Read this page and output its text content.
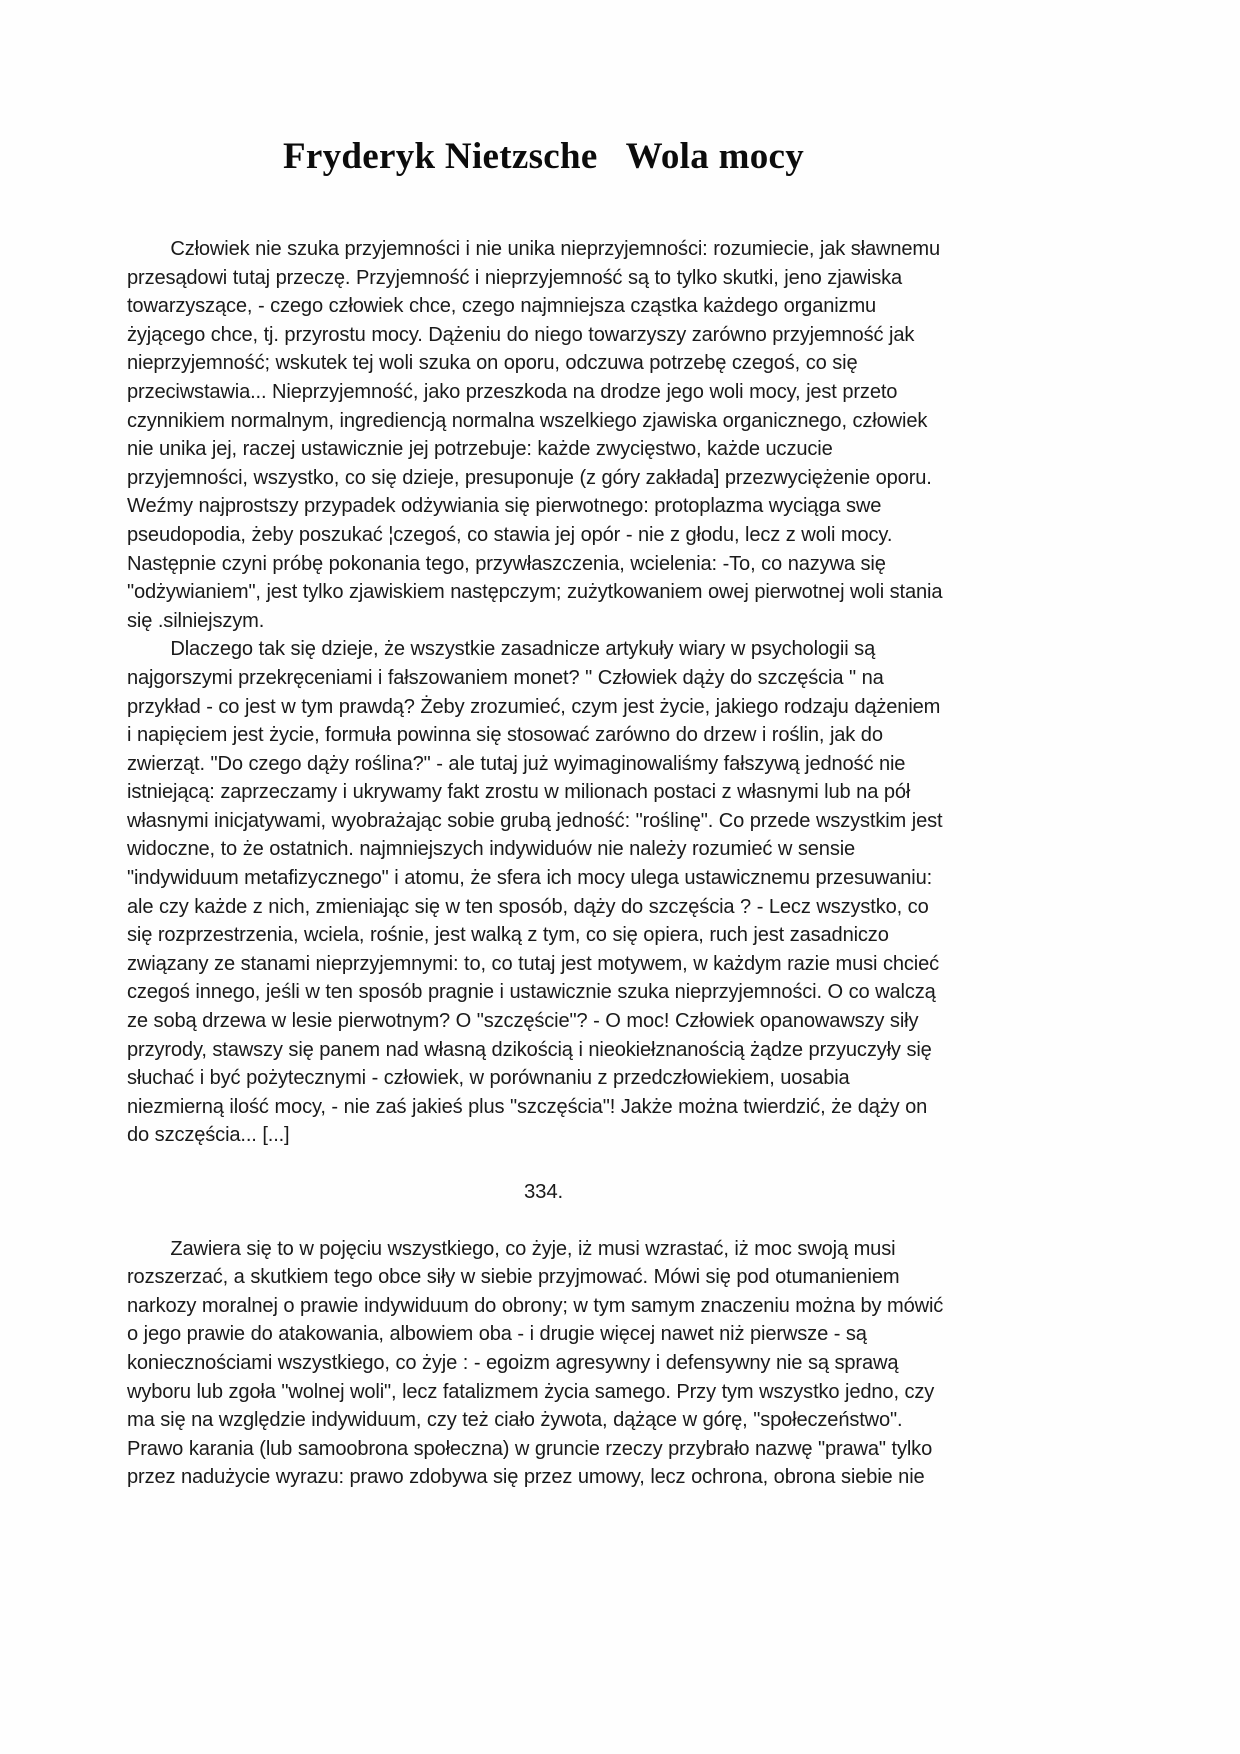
Fryderyk Nietzsche   Wola mocy

Człowiek nie szuka przyjemności i nie unika nieprzyjemności: rozumiecie, jak sławnemu przesądowi tutaj przeczę. Przyjemność i nieprzyjemność są to tylko skutki, jeno zjawiska towarzyszące, - czego człowiek chce, czego najmniejsza cząstka każdego organizmu żyjącego chce, tj. przyrostu mocy. Dążeniu do niego towarzyszy zarówno przyjemność jak nieprzyjemność; wskutek tej woli szuka on oporu, odczuwa potrzebę czegoś, co się przeciwstawia... Nieprzyjemność, jako przeszkoda na drodze jego woli mocy, jest przeto czynnikiem normalnym, ingrediencją normalna wszelkiego zjawiska organicznego, człowiek nie unika jej, raczej ustawicznie jej potrzebuje: każde zwycięstwo, każde uczucie przyjemności, wszystko, co się dzieje, presuponuje (z góry zakłada] przezwyciężenie oporu. Weźmy najprostszy przypadek odżywiania się pierwotnego: protoplazma wyciąga swe pseudopodia, żeby poszukać ¦czegoś, co stawia jej opór - nie z głodu, lecz z woli mocy. Następnie czyni próbę pokonania tego, przywłaszczenia, wcielenia: -To, co nazywa się "odżywianiem", jest tylko zjawiskiem następczym; zużytkowaniem owej pierwotnej woli stania się .silniejszym.

Dlaczego tak się dzieje, że wszystkie zasadnicze artykuły wiary w psychologii są najgorszymi przekręceniami i fałszowaniem monet? " Człowiek dąży do szczęścia " na przykład - co jest w tym prawdą? Żeby zrozumieć, czym jest życie, jakiego rodzaju dążeniem i napięciem jest życie, formuła powinna się stosować zarówno do drzew i roślin, jak do zwierząt. "Do czego dąży roślina?" - ale tutaj już wyimaginowaliśmy fałszywą jedność nie istniejącą: zaprzeczamy i ukrywamy fakt zrostu w milionach postaci z własnymi lub na pół własnymi inicjatywami, wyobrażając sobie grubą jedność: "roślinę". Co przede wszystkim jest widoczne, to że ostatnich. najmniejszych indywiduów nie należy rozumieć w sensie "indywiduum metafizycznego" i atomu, że sfera ich mocy ulega ustawicznemu przesuwaniu: ale czy każde z nich, zmieniając się w ten sposób, dąży do szczęścia ? - Lecz wszystko, co się rozprzestrzenia, wciela, rośnie, jest walką z tym, co się opiera, ruch jest zasadniczo związany ze stanami nieprzyjemnymi: to, co tutaj jest motywem, w każdym razie musi chcieć czegoś innego, jeśli w ten sposób pragnie i ustawicznie szuka nieprzyjemności. O co walczą ze sobą drzewa w lesie pierwotnym? O "szczęście"? - O moc! Człowiek opanowawszy siły przyrody, stawszy się panem nad własną dzikością i nieokiełznanością żądze przyuczyły się słuchać i być pożytecznymi - człowiek, w porównaniu z przedczłowiekiem, uosabia niezmierną ilość mocy, - nie zaś jakieś plus "szczęścia"! Jakże można twierdzić, że dąży on do szczęścia... [...]

334.

Zawiera się to w pojęciu wszystkiego, co żyje, iż musi wzrastać, iż moc swoją musi rozszerzać, a skutkiem tego obce siły w siebie przyjmować. Mówi się pod otumanieniem narkozy moralnej o prawie indywiduum do obrony; w tym samym znaczeniu można by mówić o jego prawie do atakowania, albowiem oba - i drugie więcej nawet niż pierwsze - są koniecznościami wszystkiego, co żyje : - egoizm agresywny i defensywny nie są sprawą wyboru lub zgoła "wolnej woli", lecz fatalizmem życia samego. Przy tym wszystko jedno, czy ma się na względzie indywiduum, czy też ciało żywota, dążące w górę, "społeczeństwo". Prawo karania (lub samoobrona społeczna) w gruncie rzeczy przybrało nazwę "prawa" tylko przez nadużycie wyrazu: prawo zdobywa się przez umowy, lecz ochrona, obrona siebie nie
